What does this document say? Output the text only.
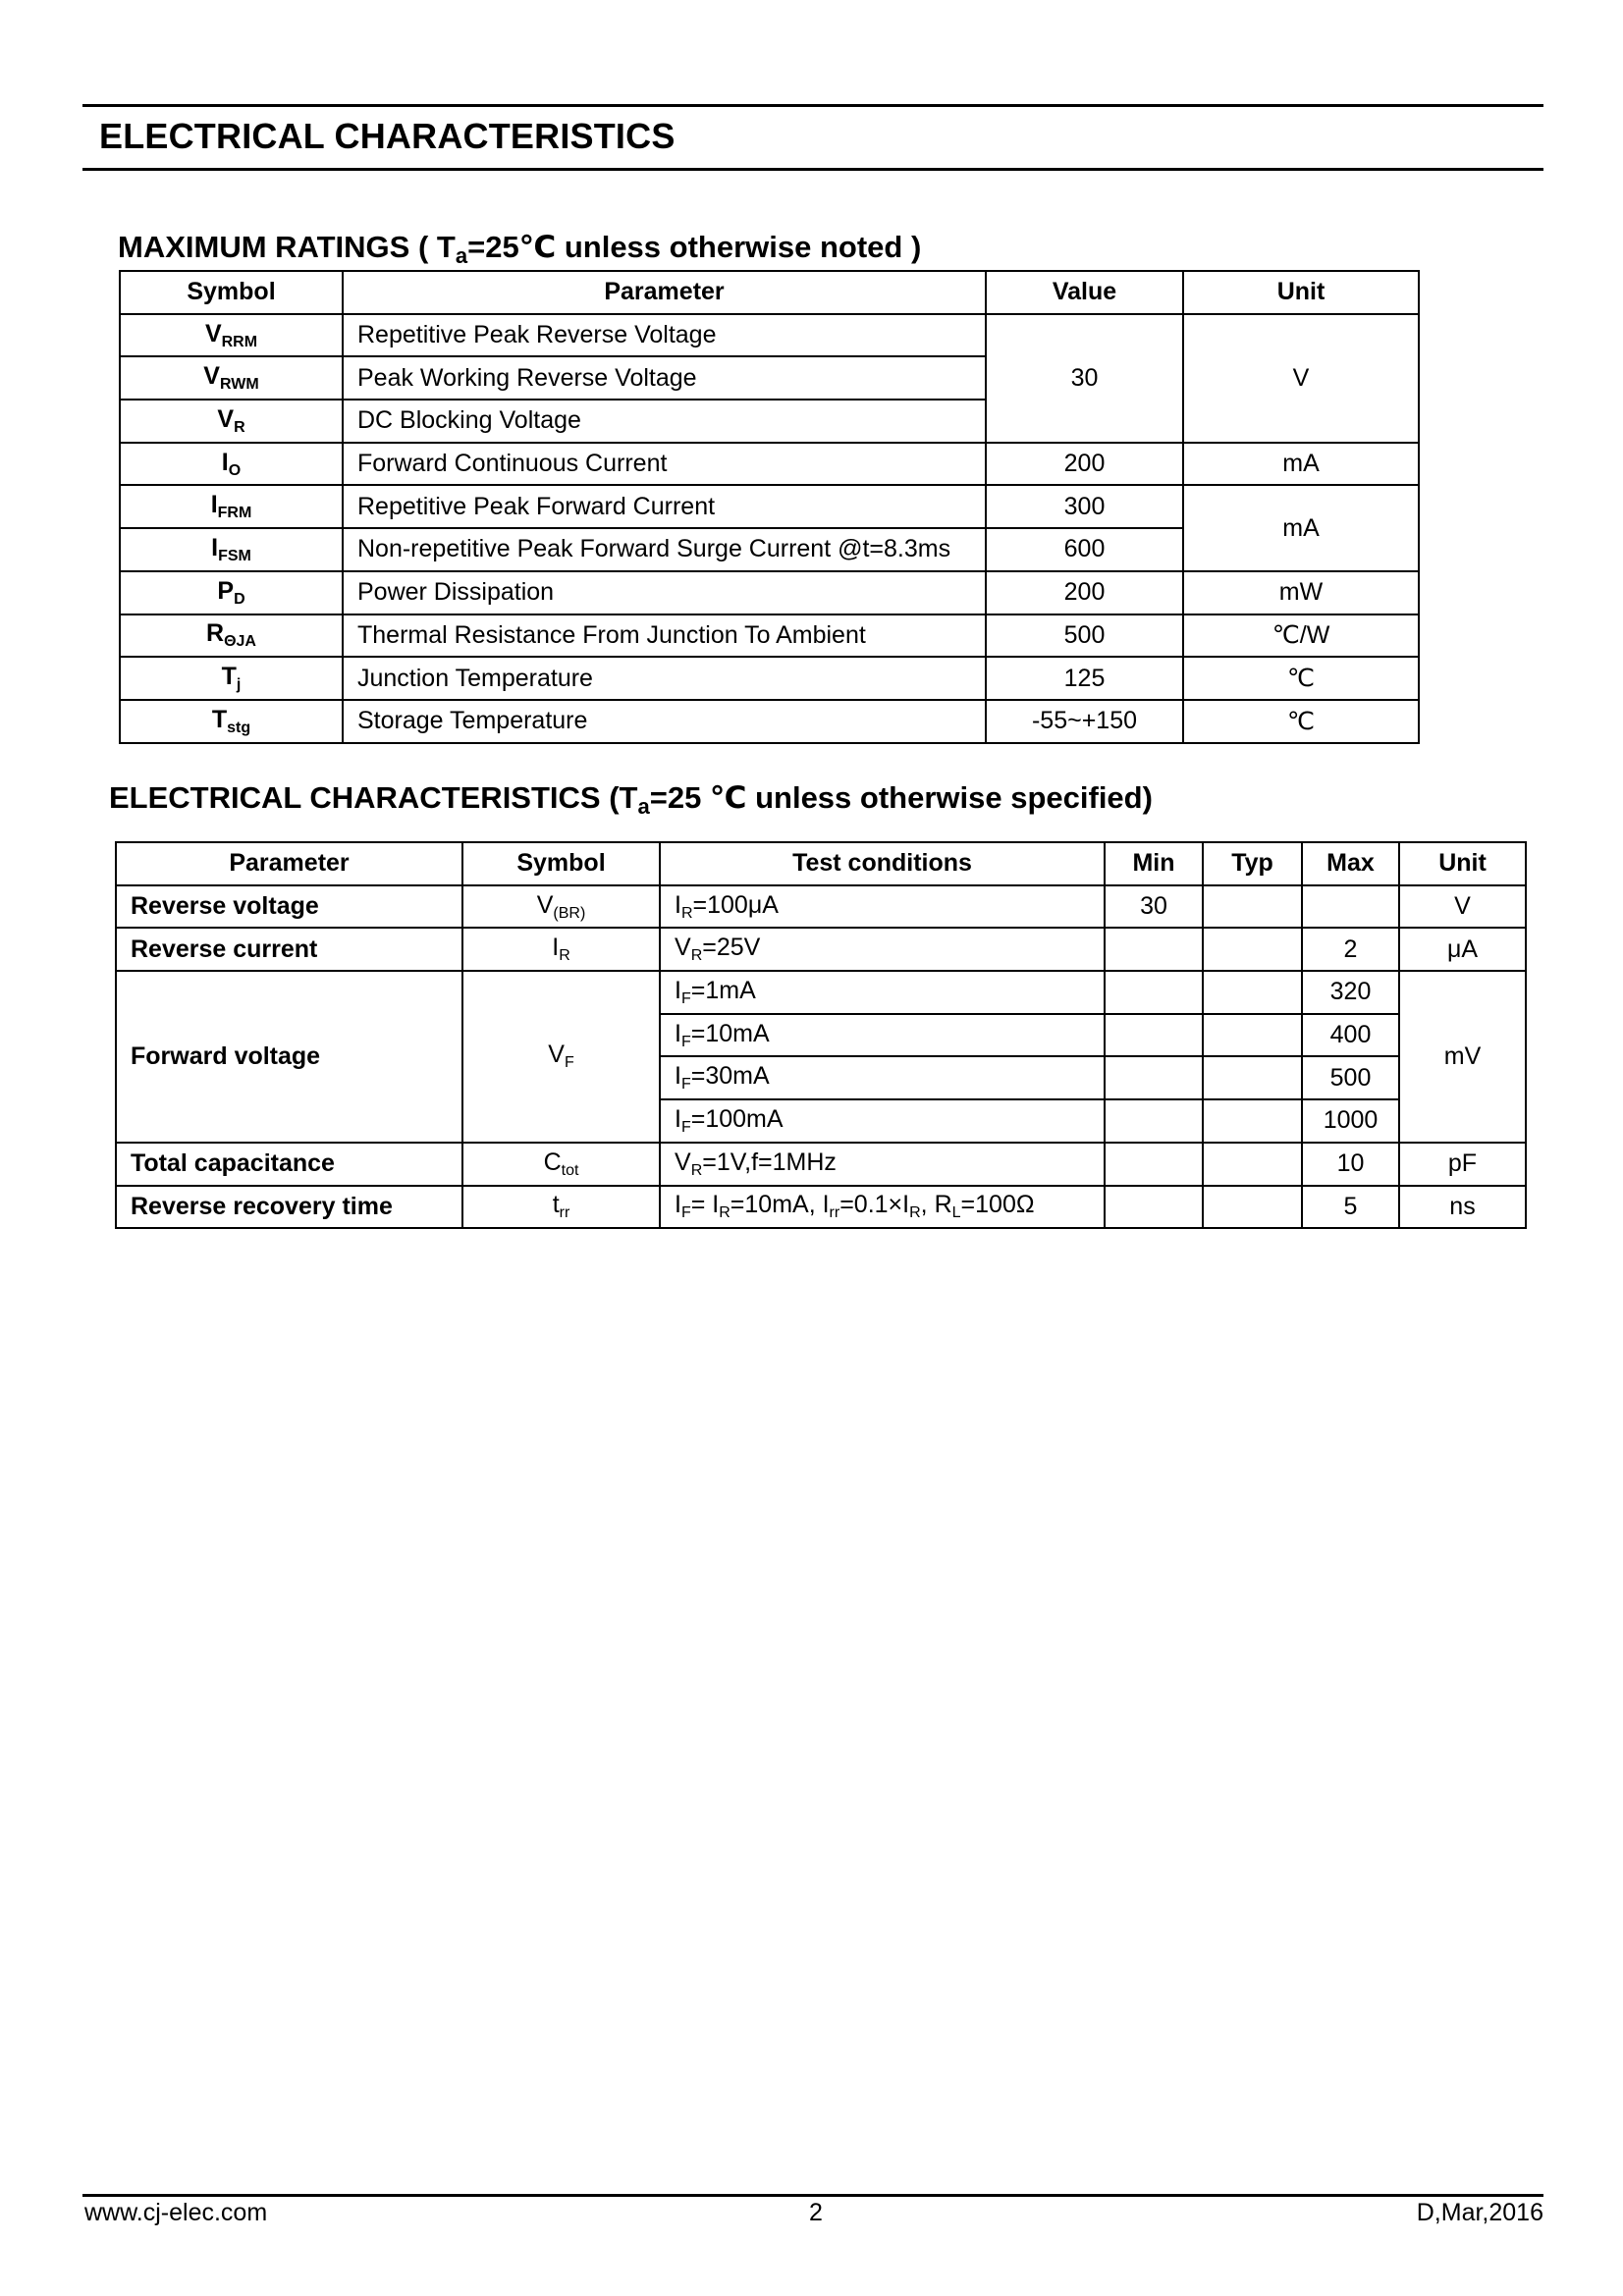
ELECTRICAL CHARACTERISTICS
MAXIMUM RATINGS ( $T_a=25℃$ unless otherwise noted )
Symbol	Parameter	Value	Unit
$V_{RRM}$	Repetitive Peak Reverse Voltage	30	V
$V_{RWM}$	Peak Working Reverse Voltage		
$V_R$	DC Blocking Voltage		
$I_O$	Forward Continuous Current	200	mA
$I_{FRM}$	Repetitive Peak Forward Current	300	mA
$I_{FSM}$	Non-repetitive Peak Forward Surge Current @t=8.3ms	600	
$P_D$	Power Dissipation	200	mW
$R_{\Theta JA}$	Thermal Resistance From Junction To Ambient	500	℃/W
$T_j$	Junction Temperature	125	℃
$T_{stg}$	Storage Temperature	-55~+150	℃
ELECTRICAL CHARACTERISTICS ($T_a=25$ ℃ unless otherwise specified)
Parameter	Symbol	Test conditions	Min	Typ	Max	Unit
Reverse voltage	$V_{(BR)}$	$I_R=100\mu A$	30			V
Reverse current	$I_R$	$V_R=25V$			2	μA
Forward voltage	$V_F$	$I_F=1mA$			320	mV
		$I_F=10mA$			400	
		$I_F=30mA$			500	
		$I_F=100mA$			1000	
Total capacitance	$C_{tot}$	$V_R=1V,f=1MHz$			10	pF
Reverse recovery time	$t_{rr}$	$I_F= I_R=10mA$, $I_{rr}=0.1\times I_R$, $R_L=100\Omega$			5	ns
www.cj-elec.com	2	D,Mar,2016
